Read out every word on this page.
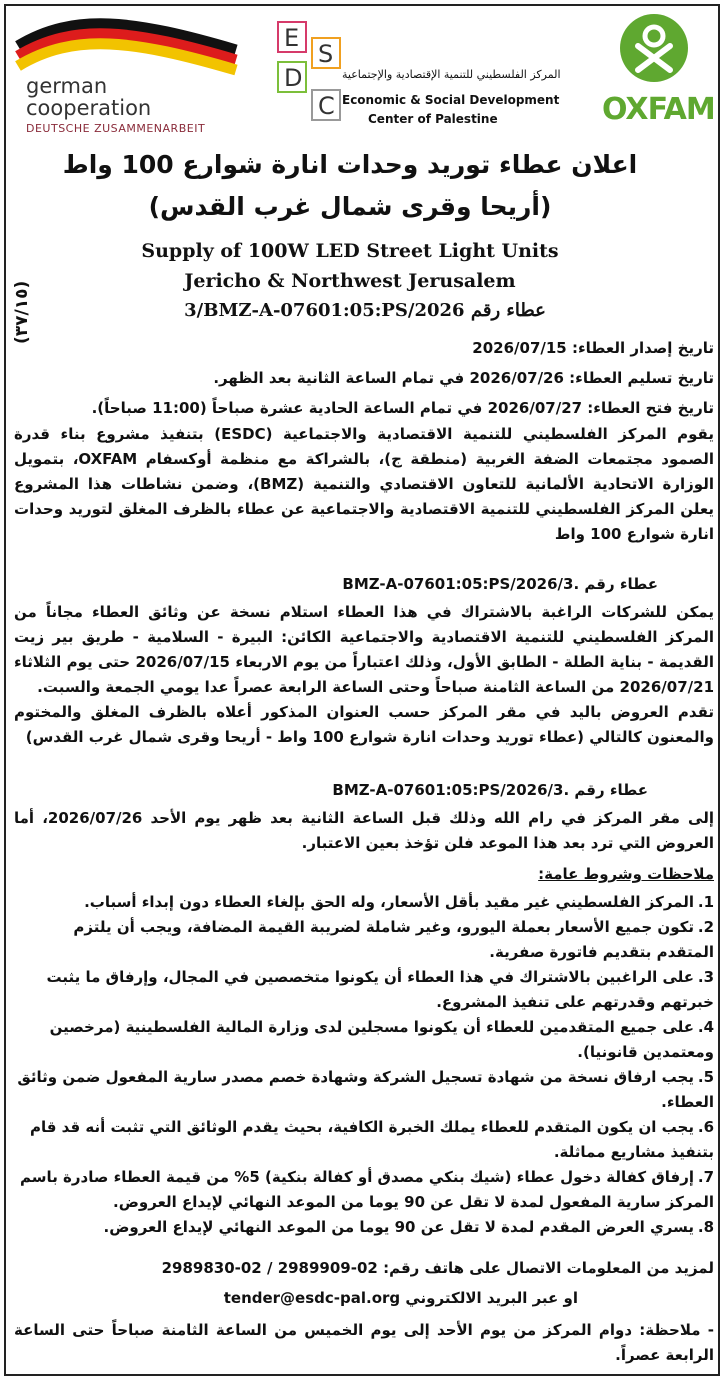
german
cooperation
DEUTSCHE ZUSAMMENARBEIT
E
S
D
C
المركز الفلسطيني للتنمية الإقتصادية والإجتماعية
Economic & Social Development
Center of Palestine	OXFAM
اعلان عطاء توريد وحدات انارة شوارع 100 واط
(أريحا وقرى شمال غرب القدس)
Supply of 100W LED Street Light Units
Jericho & Northwest Jerusalem
عطاء رقم 3/BMZ-A-07601:05:PS/2026
(٣٧/١٥)
تاريخ إصدار العطاء: 2026/07/15
تاريخ تسليم العطاء: 2026/07/26 في تمام الساعة الثانية بعد الظهر.
تاريخ فتح العطاء: 2026/07/27 في تمام الساعة الحادية عشرة صباحاً (11:00 صباحاً).
يقوم المركز الفلسطيني للتنمية الاقتصادية والاجتماعية (ESDC) بتنفيذ مشروع بناء قدرة الصمود مجتمعات الضفة الغربية (منطقة ج)، بالشراكة مع منظمة أوكسفام OXFAM، بتمويل الوزارة الاتحادية الألمانية للتعاون الاقتصادي والتنمية (BMZ)، وضمن نشاطات هذا المشروع يعلن المركز الفلسطيني للتنمية الاقتصادية والاجتماعية عن عطاء بالظرف المغلق لتوريد وحدات انارة شوارع 100 واط
عطاء رقم .3/BMZ-A-07601:05:PS/2026
يمكن للشركات الراغبة بالاشتراك في هذا العطاء استلام نسخة عن وثائق العطاء مجاناً من المركز الفلسطيني للتنمية الاقتصادية والاجتماعية الكائن: البيرة - السلامية - طريق بير زيت القديمة - بناية الطلة - الطابق الأول، وذلك اعتباراً من يوم الاربعاء 2026/07/15 حتى يوم الثلاثاء 2026/07/21 من الساعة الثامنة صباحاً وحتى الساعة الرابعة عصراً عدا يومي الجمعة والسبت.
تقدم العروض باليد في مقر المركز حسب العنوان المذكور أعلاه بالظرف المغلق والمختوم والمعنون كالتالي (عطاء توريد وحدات انارة شوارع 100 واط - أريحا وقرى شمال غرب القدس)
عطاء رقم .3/BMZ-A-07601:05:PS/2026
إلى مقر المركز في رام الله وذلك قبل الساعة الثانية بعد ظهر يوم الأحد 2026/07/26، أما العروض التي ترد بعد هذا الموعد فلن تؤخذ بعين الاعتبار.
ملاحظات وشروط عامة:
1.المركز الفلسطيني غير مقيد بأقل الأسعار، وله الحق بإلغاء العطاء دون إبداء أسباب.
2.تكون جميع الأسعار بعملة اليورو، وغير شاملة لضريبة القيمة المضافة، ويجب أن يلتزم المتقدم بتقديم فاتورة صفرية.
3.على الراغبين بالاشتراك في هذا العطاء أن يكونوا متخصصين في المجال، وإرفاق ما يثبت خبرتهم وقدرتهم على تنفيذ المشروع.
4.على جميع المتقدمين للعطاء أن يكونوا مسجلين لدى وزارة المالية الفلسطينية (مرخصين ومعتمدين قانونيا).
5.يجب ارفاق نسخة من شهادة تسجيل الشركة وشهادة خصم مصدر سارية المفعول ضمن وثائق العطاء.
6.يجب ان يكون المتقدم للعطاء يملك الخبرة الكافية، بحيث يقدم الوثائق التي تثبت أنه قد قام بتنفيذ مشاريع مماثلة.
7.إرفاق كفالة دخول عطاء (شيك بنكي مصدق أو كفالة بنكية) 5% من قيمة العطاء صادرة باسم المركز سارية المفعول لمدة لا تقل عن 90 يوما من الموعد النهائي لإيداع العروض.
8.يسري العرض المقدم لمدة لا تقل عن 90 يوما من الموعد النهائي لإيداع العروض.
لمزيد من المعلومات الاتصال على هاتف رقم: 02-2989909 / 02-2989830
او عبر البريد الالكتروني tender@esdc-pal.org
- ملاحظة: دوام المركز من يوم الأحد إلى يوم الخميس من الساعة الثامنة صباحاً حتى الساعة الرابعة عصراً.
